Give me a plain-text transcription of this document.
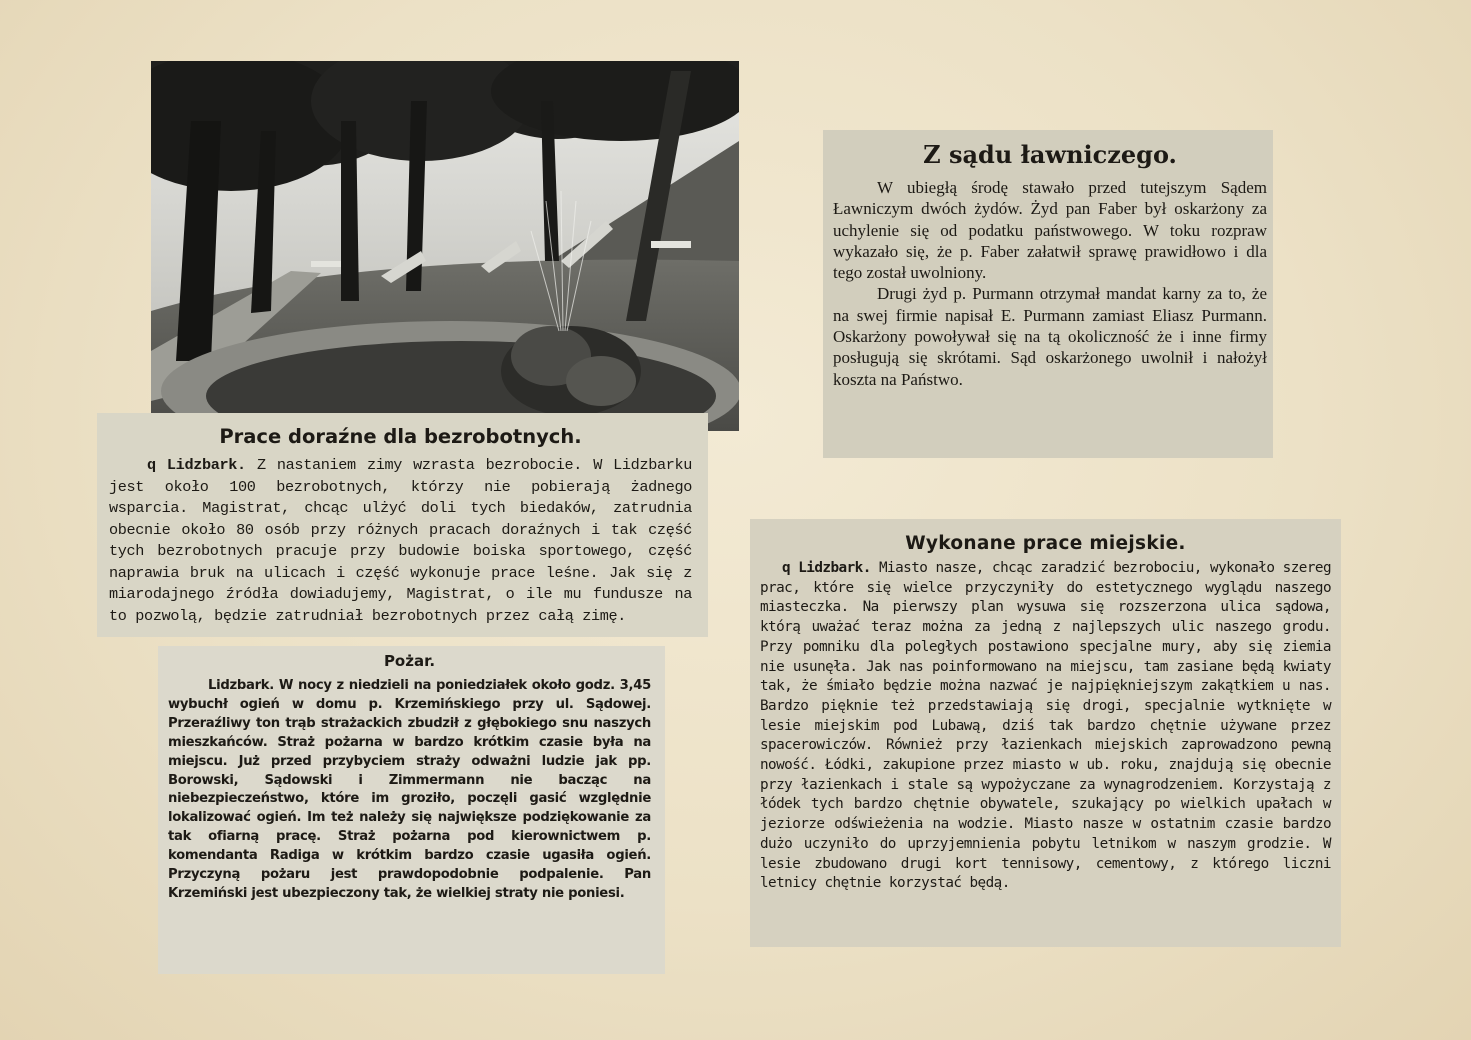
Prace doraźne dla bezrobotnych.

q Lidzbark. Z nastaniem zimy wzrasta bezrobocie. W Lidzbarku jest około 100 bezrobotnych, którzy nie pobierają żadnego wsparcia. Magistrat, chcąc ulżyć doli tych biedaków, zatrudnia obecnie około 80 osób przy różnych pracach doraźnych i tak część tych bezrobotnych pracuje przy budowie boiska sportowego, część naprawia bruk na ulicach i część wykonuje prace leśne. Jak się z miarodajnego źródła dowiadujemy, Magistrat, o ile mu fundusze na to pozwolą, będzie zatrudniał bezrobotnych przez całą zimę.

Z sądu ławniczego.

W ubiegłą środę stawało przed tutejszym Sądem Ławniczym dwóch żydów. Żyd pan Faber był oskarżony za uchylenie się od podatku państwowego. W toku rozpraw wykazało się, że p. Faber załatwił sprawę prawidłowo i dla tego został uwolniony.

Drugi żyd p. Purmann otrzymał mandat karny za to, że na swej firmie napisał E. Purmann zamiast Eliasz Purmann. Oskarżony powoływał się na tą okoliczność że i inne firmy posługują się skrótami. Sąd oskarżonego uwolnił i nałożył koszta na Państwo.

Pożar.

Lidzbark. W nocy z niedzieli na poniedziałek około godz. 3,45 wybuchł ogień w domu p. Krzemińskiego przy ul. Sądowej. Przeraźliwy ton trąb strażackich zbudził z głębokiego snu naszych mieszkańców. Straż pożarna w bardzo krótkim czasie była na miejscu. Już przed przybyciem straży odważni ludzie jak pp. Borowski, Sądowski i Zimmermann nie bacząc na niebezpieczeństwo, które im groziło, poczęli gasić względnie lokalizować ogień. Im też należy się największe podziękowanie za tak ofiarną pracę. Straż pożarna pod kierownictwem p. komendanta Radiga w krótkim bardzo czasie ugasiła ogień. Przyczyną pożaru jest prawdopodobnie podpalenie. Pan Krzemiński jest ubezpieczony tak, że wielkiej straty nie poniesi.

Wykonane prace miejskie.

q Lidzbark. Miasto nasze, chcąc zaradzić bezrobociu, wykonało szereg prac, które się wielce przyczyniły do estetycznego wyglądu naszego miasteczka. Na pierwszy plan wysuwa się rozszerzona ulica sądowa, którą uważać teraz można za jedną z najlepszych ulic naszego grodu. Przy pomniku dla poległych postawiono specjalne mury, aby się ziemia nie usunęła. Jak nas poinformowano na miejscu, tam zasiane będą kwiaty tak, że śmiało będzie można nazwać je najpiękniejszym zakątkiem u nas. Bardzo pięknie też przedstawiają się drogi, specjalnie wytknięte w lesie miejskim pod Lubawą, dziś tak bardzo chętnie używane przez spacerowiczów. Również przy łazienkach miejskich zaprowadzono pewną nowość. Łódki, zakupione przez miasto w ub. roku, znajdują się obecnie przy łazienkach i stale są wypożyczane za wynagrodzeniem. Korzystają z łódek tych bardzo chętnie obywatele, szukający po wielkich upałach w jeziorze odświeżenia na wodzie. Miasto nasze w ostatnim czasie bardzo dużo uczyniło do uprzyjemnienia pobytu letnikom w naszym grodzie. W lesie zbudowano drugi kort tennisowy, cementowy, z którego liczni letnicy chętnie korzystać będą.
